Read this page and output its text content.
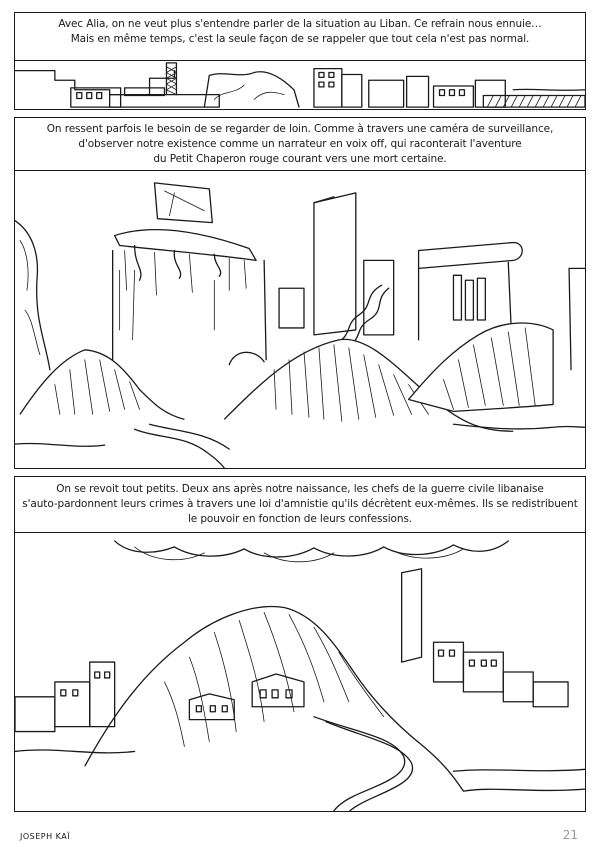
Avec Alia, on ne veut plus s'entendre parler de la situation au Liban. Ce refrain nous ennuie…
Mais en même temps, c'est la seule façon de se rappeler que tout cela n'est pas normal.
On ressent parfois le besoin de se regarder de loin. Comme à travers une caméra de surveillance,
d'observer notre existence comme un narrateur en voix off, qui raconterait l'aventure
du Petit Chaperon rouge courant vers une mort certaine.
On se revoit tout petits. Deux ans après notre naissance, les chefs de la guerre civile libanaise
s'auto-pardonnent leurs crimes à travers une loi d'amnistie qu'ils décrètent eux-mêmes. Ils se redistribuent
le pouvoir en fonction de leurs confessions.
JOSEPH KAÏ	21
